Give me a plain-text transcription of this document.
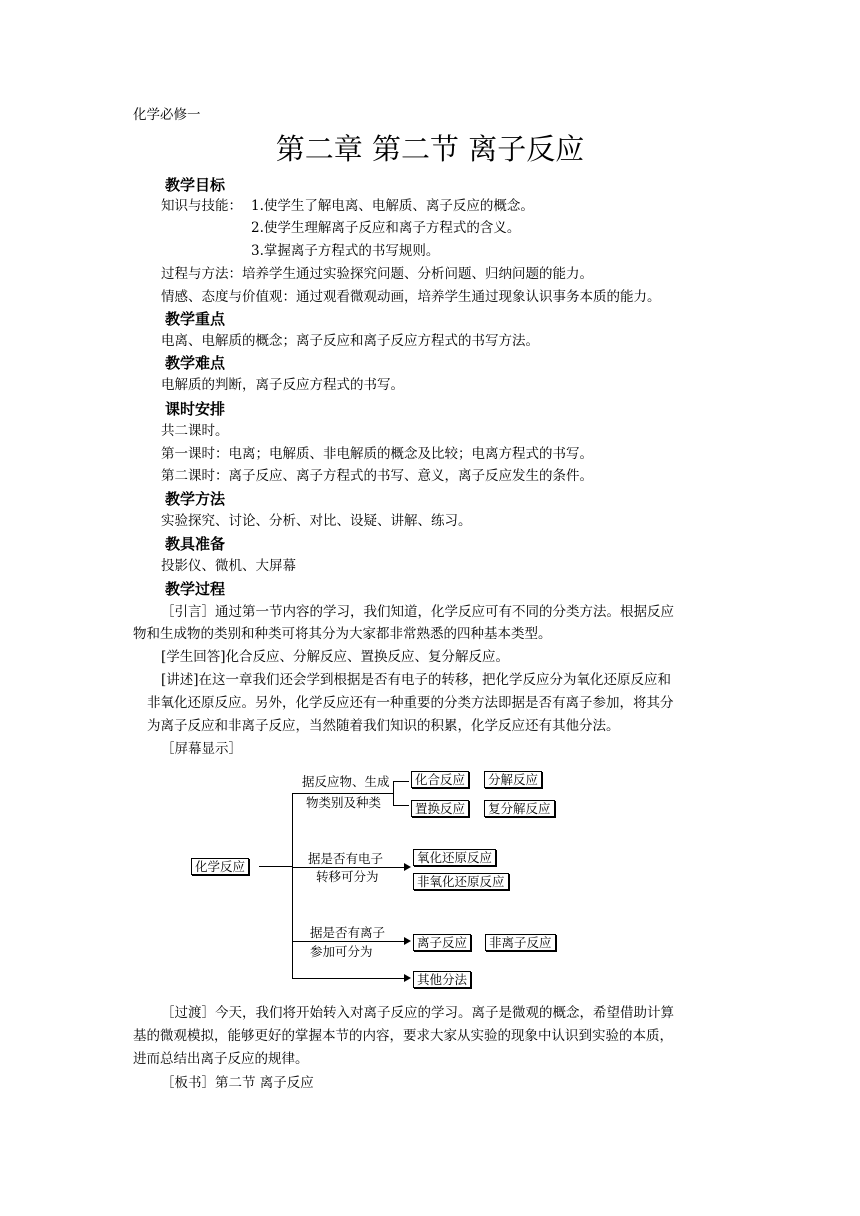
化学必修一
第二章 第二节 离子反应
教学目标
知识与技能： 1.使学生了解电离、电解质、离子反应的概念。
2.使学生理解离子反应和离子方程式的含义。
3.掌握离子方程式的书写规则。
过程与方法：培养学生通过实验探究问题、分析问题、归纳问题的能力。
情感、态度与价值观：通过观看微观动画，培养学生通过现象认识事务本质的能力。
教学重点
电离、电解质的概念；离子反应和离子反应方程式的书写方法。
教学难点
电解质的判断，离子反应方程式的书写。
课时安排
共二课时。
第一课时：电离；电解质、非电解质的概念及比较；电离方程式的书写。
第二课时：离子反应、离子方程式的书写、意义，离子反应发生的条件。
教学方法
实验探究、讨论、分析、对比、设疑、讲解、练习。
教具准备
投影仪、微机、大屏幕
教学过程
［引言］通过第一节内容的学习，我们知道，化学反应可有不同的分类方法。根据反应
物和生成物的类别和种类可将其分为大家都非常熟悉的四种基本类型。
[学生回答]化合反应、分解反应、置换反应、复分解反应。
[讲述]在这一章我们还会学到根据是否有电子的转移，把化学反应分为氧化还原反应和
非氧化还原反应。另外，化学反应还有一种重要的分类方法即据是否有离子参加，将其分
为离子反应和非离子反应，当然随着我们知识的积累，化学反应还有其他分法。
［屏幕显示］
化学反应
据反应物、生成
物类别及种类
化合反应	分解反应
置换反应	复分解反应
据是否有电子
转移可分为
氧化还原反应
非氧化还原反应
据是否有离子
参加可分为
离子反应	非离子反应
其他分法
［过渡］今天，我们将开始转入对离子反应的学习。离子是微观的概念，希望借助计算
基的微观模拟，能够更好的掌握本节的内容，要求大家从实验的现象中认识到实验的本质，
进而总结出离子反应的规律。
［板书］第二节 离子反应
